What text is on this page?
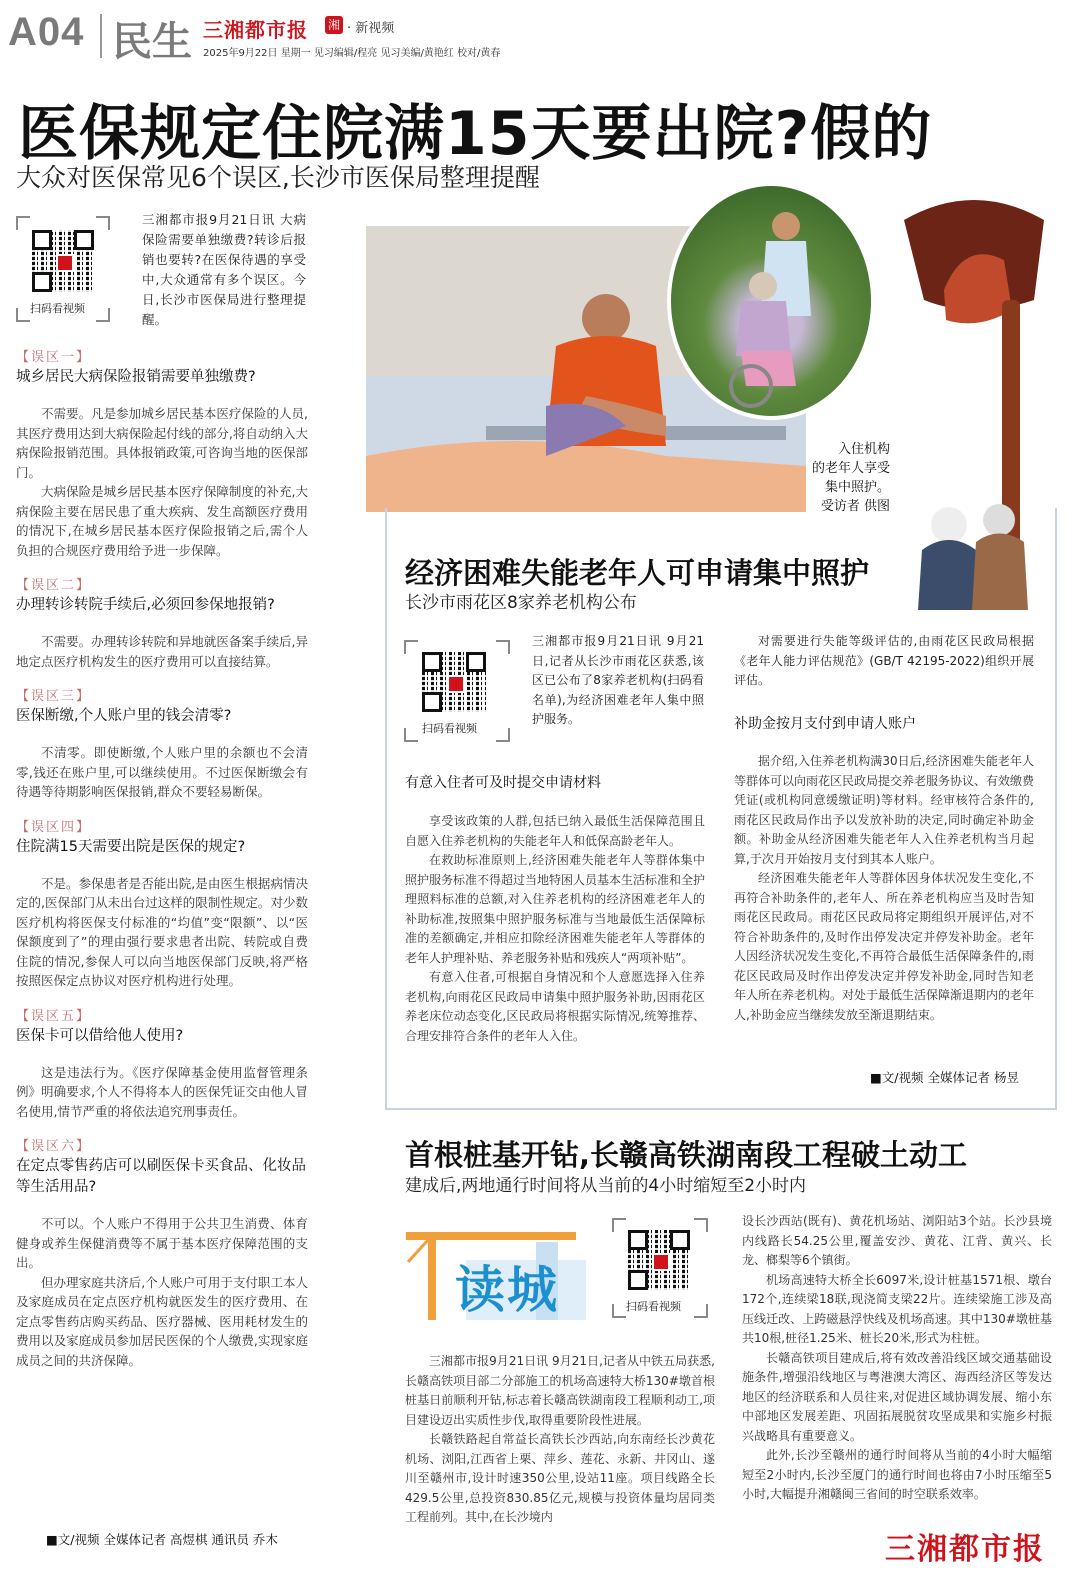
A04 民生 三湘都市报 湘 · 新视频
2025年9月22日 星期一 见习编辑/程亮 见习美编/黄艳红 校对/黄春
医保规定住院满15天要出院?假的
大众对医保常见6个误区,长沙市医保局整理提醒
扫码看视频
三湘都市报9月21日讯 大病保险需要单独缴费?转诊后报销也要转?在医保待遇的享受中,大众通常有多个误区。今日,长沙市医保局进行整理提醒。
【误区一】
城乡居民大病保险报销需要单独缴费?

不需要。凡是参加城乡居民基本医疗保险的人员,其医疗费用达到大病保险起付线的部分,将自动纳入大病保险报销范围。具体报销政策,可咨询当地的医保部门。

大病保险是城乡居民基本医疗保障制度的补充,大病保险主要在居民患了重大疾病、发生高额医疗费用的情况下,在城乡居民基本医疗保险报销之后,需个人负担的合规医疗费用给予进一步保障。

【误区二】
办理转诊转院手续后,必须回参保地报销?

不需要。办理转诊转院和异地就医备案手续后,异地定点医疗机构发生的医疗费用可以直接结算。

【误区三】
医保断缴,个人账户里的钱会清零?

不清零。即使断缴,个人账户里的余额也不会清零,钱还在账户里,可以继续使用。不过医保断缴会有待遇等待期影响医保报销,群众不要轻易断保。

【误区四】
住院满15天需要出院是医保的规定?

不是。参保患者是否能出院,是由医生根据病情决定的,医保部门从未出台过这样的限制性规定。对少数医疗机构将医保支付标准的“均值”变“限额”、以“医保额度到了”的理由强行要求患者出院、转院或自费住院的情况,参保人可以向当地医保部门反映,将严格按照医保定点协议对医疗机构进行处理。

【误区五】
医保卡可以借给他人使用?

这是违法行为。《医疗保障基金使用监督管理条例》明确要求,个人不得将本人的医保凭证交由他人冒名使用,情节严重的将依法追究刑事责任。

【误区六】
在定点零售药店可以刷医保卡买食品、化妆品等生活用品?

不可以。个人账户不得用于公共卫生消费、体育健身或养生保健消费等不属于基本医疗保障范围的支出。

但办理家庭共济后,个人账户可用于支付职工本人及家庭成员在定点医疗机构就医发生的医疗费用、在定点零售药店购买药品、医疗器械、医用耗材发生的费用以及家庭成员参加居民医保的个人缴费,实现家庭成员之间的共济保障。

■文/视频 全媒体记者 高煜棋 通讯员 乔木
入住机构
的老年人享受
集中照护。
受访者 供图
经济困难失能老年人可申请集中照护
长沙市雨花区8家养老机构公布
扫码看视频
三湘都市报9月21日讯 9月21日,记者从长沙市雨花区获悉,该区已公布了8家养老机构(扫码看名单),为经济困难老年人集中照护服务。
有意入住者可及时提交申请材料

享受该政策的人群,包括已纳入最低生活保障范围且自愿入住养老机构的失能老年人和低保高龄老年人。

在救助标准原则上,经济困难失能老年人等群体集中照护服务标准不得超过当地特困人员基本生活标准和全护理照料标准的总额,对入住养老机构的经济困难老年人的补助标准,按照集中照护服务标准与当地最低生活保障标准的差额确定,并相应扣除经济困难失能老年人等群体的老年人护理补贴、养老服务补贴和残疾人“两项补贴”。

有意入住者,可根据自身情况和个人意愿选择入住养老机构,向雨花区民政局申请集中照护服务补助,因雨花区养老床位动态变化,区民政局将根据实际情况,统筹推荐、合理安排符合条件的老年人入住。

对需要进行失能等级评估的,由雨花区民政局根据《老年人能力评估规范》(GB/T 42195-2022)组织开展评估。
补助金按月支付到申请人账户

据介绍,入住养老机构满30日后,经济困难失能老年人等群体可以向雨花区民政局提交养老服务协议、有效缴费凭证(或机构同意缓缴证明)等材料。经审核符合条件的,雨花区民政局作出予以发放补助的决定,同时确定补助金额。补助金从经济困难失能老年人入住养老机构当月起算,于次月开始按月支付到其本人账户。

经济困难失能老年人等群体因身体状况发生变化,不再符合补助条件的,老年人、所在养老机构应当及时告知雨花区民政局。雨花区民政局将定期组织开展评估,对不符合补助条件的,及时作出停发决定并停发补助金。老年人因经济状况发生变化,不再符合最低生活保障条件的,雨花区民政局及时作出停发决定并停发补助金,同时告知老年人所在养老机构。对处于最低生活保障渐退期内的老年人,补助金应当继续发放至渐退期结束。

■文/视频 全媒体记者 杨昱
首根桩基开钻,长赣高铁湖南段工程破土动工
建成后,两地通行时间将从当前的4小时缩短至2小时内
读城	扫码看视频

三湘都市报9月21日讯 9月21日,记者从中铁五局获悉,长赣高铁项目部二分部施工的机场高速特大桥130#墩首根桩基日前顺利开钻,标志着长赣高铁湖南段工程顺利动工,项目建设迈出实质性步伐,取得重要阶段性进展。

长赣铁路起自常益长高铁长沙西站,向东南经长沙黄花机场、浏阳,江西省上栗、萍乡、莲花、永新、井冈山、遂川至赣州市,设计时速350公里,设站11座。项目线路全长429.5公里,总投资830.85亿元,规模与投资体量均居同类工程前列。其中,在长沙境内

设长沙西站(既有)、黄花机场站、浏阳站3个站。长沙县境内线路长54.25公里,覆盖安沙、黄花、江背、黄兴、长龙、榔梨等6个镇街。

机场高速特大桥全长6097米,设计桩基1571根、墩台172个,连续梁18联,现浇简支梁22片。连续梁施工涉及高压线迁改、上跨磁悬浮快线及机场高速。其中130#墩桩基共10根,桩径1.25米、桩长20米,形式为柱桩。

长赣高铁项目建成后,将有效改善沿线区域交通基础设施条件,增强沿线地区与粤港澳大湾区、海西经济区等发达地区的经济联系和人员往来,对促进区域协调发展、缩小东中部地区发展差距、巩固拓展脱贫攻坚成果和实施乡村振兴战略具有重要意义。

此外,长沙至赣州的通行时间将从当前的4小时大幅缩短至2小时内,长沙至厦门的通行时间也将由7小时压缩至5小时,大幅提升湘赣闽三省间的时空联系效率。

三湘都市报
